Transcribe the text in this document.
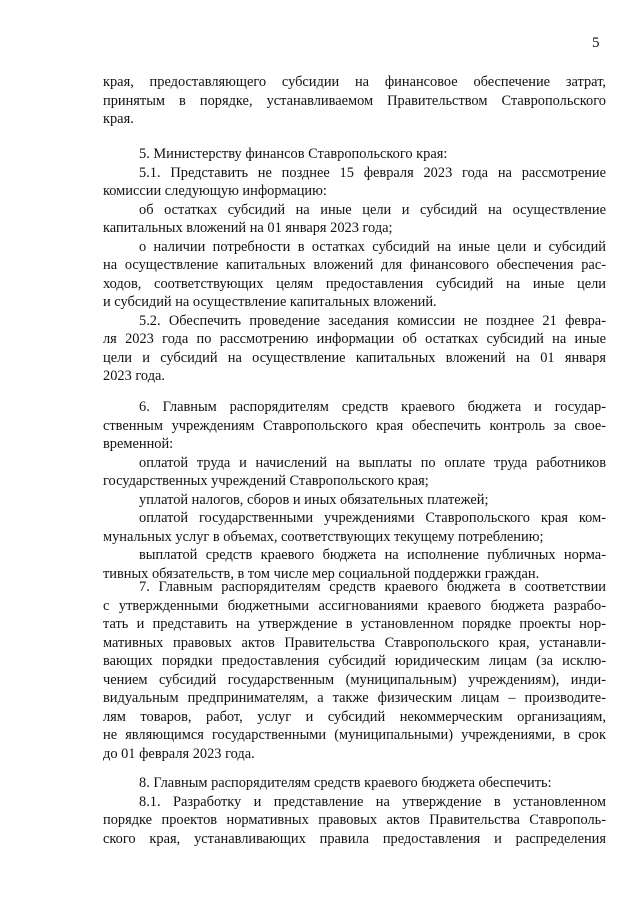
5
края, предоставляющего субсидии на финансовое обеспечение затрат,
принятым в порядке, устанавливаемом Правительством Ставропольского
края.
5. Министерству финансов Ставропольского края:
5.1. Представить не позднее 15 февраля 2023 года на рассмотрение
комиссии следующую информацию:
об остатках субсидий на иные цели и субсидий на осуществление
капитальных вложений на 01 января 2023 года;
о наличии потребности в остатках субсидий на иные цели и субсидий
на осуществление капитальных вложений для финансового обеспечения рас-
ходов, соответствующих целям предоставления субсидий на иные цели
и субсидий на осуществление капитальных вложений.
5.2. Обеспечить проведение заседания комиссии не позднее 21 февра-
ля 2023 года по рассмотрению информации об остатках субсидий на иные
цели и субсидий на осуществление капитальных вложений на 01 января
2023 года.
6. Главным распорядителям средств краевого бюджета и государ-
ственным учреждениям Ставропольского края обеспечить контроль за свое-
временной:
оплатой труда и начислений на выплаты по оплате труда работников
государственных учреждений Ставропольского края;
уплатой налогов, сборов и иных обязательных платежей;
оплатой государственными учреждениями Ставропольского края ком-
мунальных услуг в объемах, соответствующих текущему потреблению;
выплатой средств краевого бюджета на исполнение публичных норма-
тивных обязательств, в том числе мер социальной поддержки граждан.
7. Главным распорядителям средств краевого бюджета в соответствии
с утвержденными бюджетными ассигнованиями краевого бюджета разрабо-
тать и представить на утверждение в установленном порядке проекты нор-
мативных правовых актов Правительства Ставропольского края, устанавли-
вающих порядки предоставления субсидий юридическим лицам (за исклю-
чением субсидий государственным (муниципальным) учреждениям), инди-
видуальным предпринимателям, а также физическим лицам – производите-
лям товаров, работ, услуг и субсидий некоммерческим организациям,
не являющимся государственными (муниципальными) учреждениями, в срок
до 01 февраля 2023 года.
8. Главным распорядителям средств краевого бюджета обеспечить:
8.1. Разработку и представление на утверждение в установленном
порядке проектов нормативных правовых актов Правительства Ставрополь-
ского края, устанавливающих правила предоставления и распределения
